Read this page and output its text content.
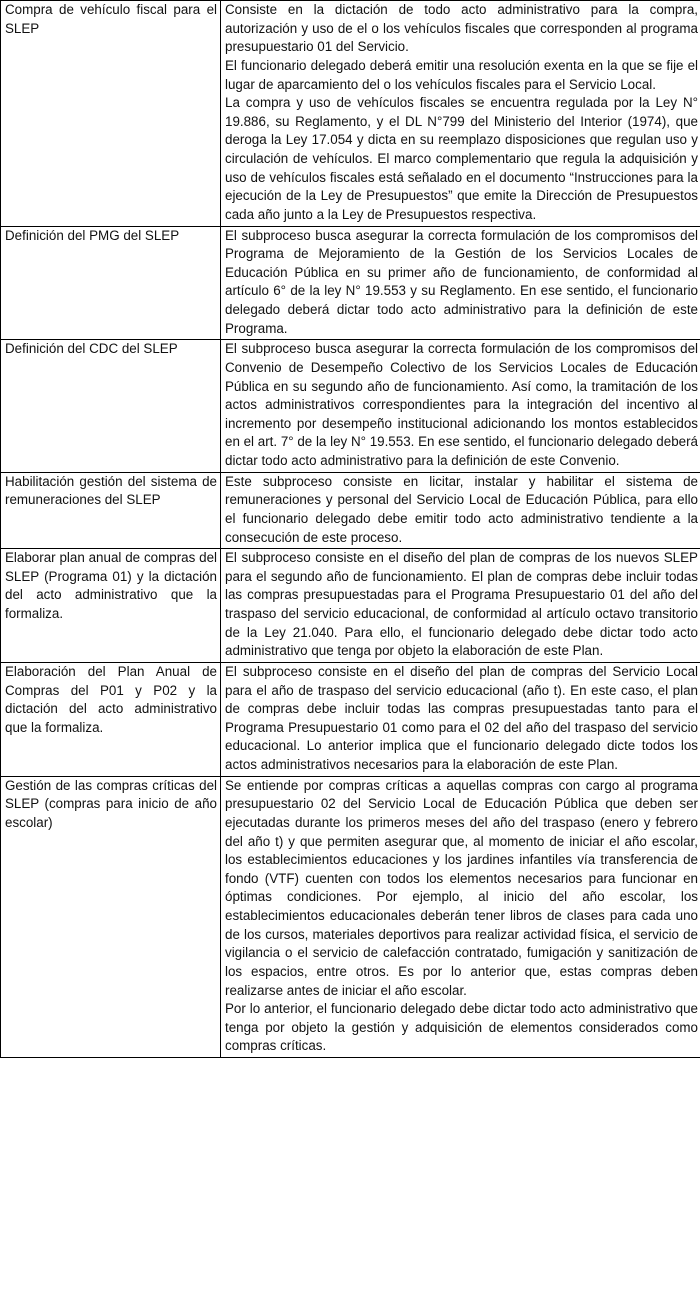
Compra de vehículo fiscal para el SLEP	Consiste en la dictación de todo acto administrativo para la compra, autorización y uso de el o los vehículos fiscales que corresponden al programa presupuestario 01 del Servicio.

El funcionario delegado deberá emitir una resolución exenta en la que se fije el lugar de aparcamiento del o los vehículos fiscales para el Servicio Local.

La compra y uso de vehículos fiscales se encuentra regulada por la Ley N° 19.886, su Reglamento, y el DL N°799 del Ministerio del Interior (1974), que deroga la Ley 17.054 y dicta en su reemplazo disposiciones que regulan uso y circulación de vehículos. El marco complementario que regula la adquisición y uso de vehículos fiscales está señalado en el documento “Instrucciones para la ejecución de la Ley de Presupuestos” que emite la Dirección de Presupuestos cada año junto a la Ley de Presupuestos respectiva.

Definición del PMG del SLEP	El subproceso busca asegurar la correcta formulación de los compromisos del Programa de Mejoramiento de la Gestión de los Servicios Locales de Educación Pública en su primer año de funcionamiento, de conformidad al artículo 6° de la ley N° 19.553 y su Reglamento. En ese sentido, el funcionario delegado deberá dictar todo acto administrativo para la definición de este Programa.

Definición del CDC del SLEP	El subproceso busca asegurar la correcta formulación de los compromisos del Convenio de Desempeño Colectivo de los Servicios Locales de Educación Pública en su segundo año de funcionamiento. Así como, la tramitación de los actos administrativos correspondientes para la integración del incentivo al incremento por desempeño institucional adicionando los montos establecidos en el art. 7° de la ley N° 19.553. En ese sentido, el funcionario delegado deberá dictar todo acto administrativo para la definición de este Convenio.

Habilitación gestión del sistema de remuneraciones del SLEP	Este subproceso consiste en licitar, instalar y habilitar el sistema de remuneraciones y personal del Servicio Local de Educación Pública, para ello el funcionario delegado debe emitir todo acto administrativo tendiente a la consecución de este proceso.

Elaborar plan anual de compras del SLEP (Programa 01) y la dictación del acto administrativo que la formaliza.	El subproceso consiste en el diseño del plan de compras de los nuevos SLEP para el segundo año de funcionamiento. El plan de compras debe incluir todas las compras presupuestadas para el Programa Presupuestario 01 del año del traspaso del servicio educacional, de conformidad al artículo octavo transitorio de la Ley 21.040. Para ello, el funcionario delegado debe dictar todo acto administrativo que tenga por objeto la elaboración de este Plan.

Elaboración del Plan Anual de Compras del P01 y P02 y la dictación del acto administrativo que la formaliza.	El subproceso consiste en el diseño del plan de compras del Servicio Local para el año de traspaso del servicio educacional (año t). En este caso, el plan de compras debe incluir todas las compras presupuestadas tanto para el Programa Presupuestario 01 como para el 02 del año del traspaso del servicio educacional. Lo anterior implica que el funcionario delegado dicte todos los actos administrativos necesarios para la elaboración de este Plan.

Gestión de las compras críticas del SLEP (compras para inicio de año escolar)	Se entiende por compras críticas a aquellas compras con cargo al programa presupuestario 02 del Servicio Local de Educación Pública que deben ser ejecutadas durante los primeros meses del año del traspaso (enero y febrero del año t) y que permiten asegurar que, al momento de iniciar el año escolar, los establecimientos educaciones y los jardines infantiles vía transferencia de fondo (VTF) cuenten con todos los elementos necesarios para funcionar en óptimas condiciones. Por ejemplo, al inicio del año escolar, los establecimientos educacionales deberán tener libros de clases para cada uno de los cursos, materiales deportivos para realizar actividad física, el servicio de vigilancia o el servicio de calefacción contratado, fumigación y sanitización de los espacios, entre otros. Es por lo anterior que, estas compras deben realizarse antes de iniciar el año escolar.

Por lo anterior, el funcionario delegado debe dictar todo acto administrativo que tenga por objeto la gestión y adquisición de elementos considerados como compras críticas.
